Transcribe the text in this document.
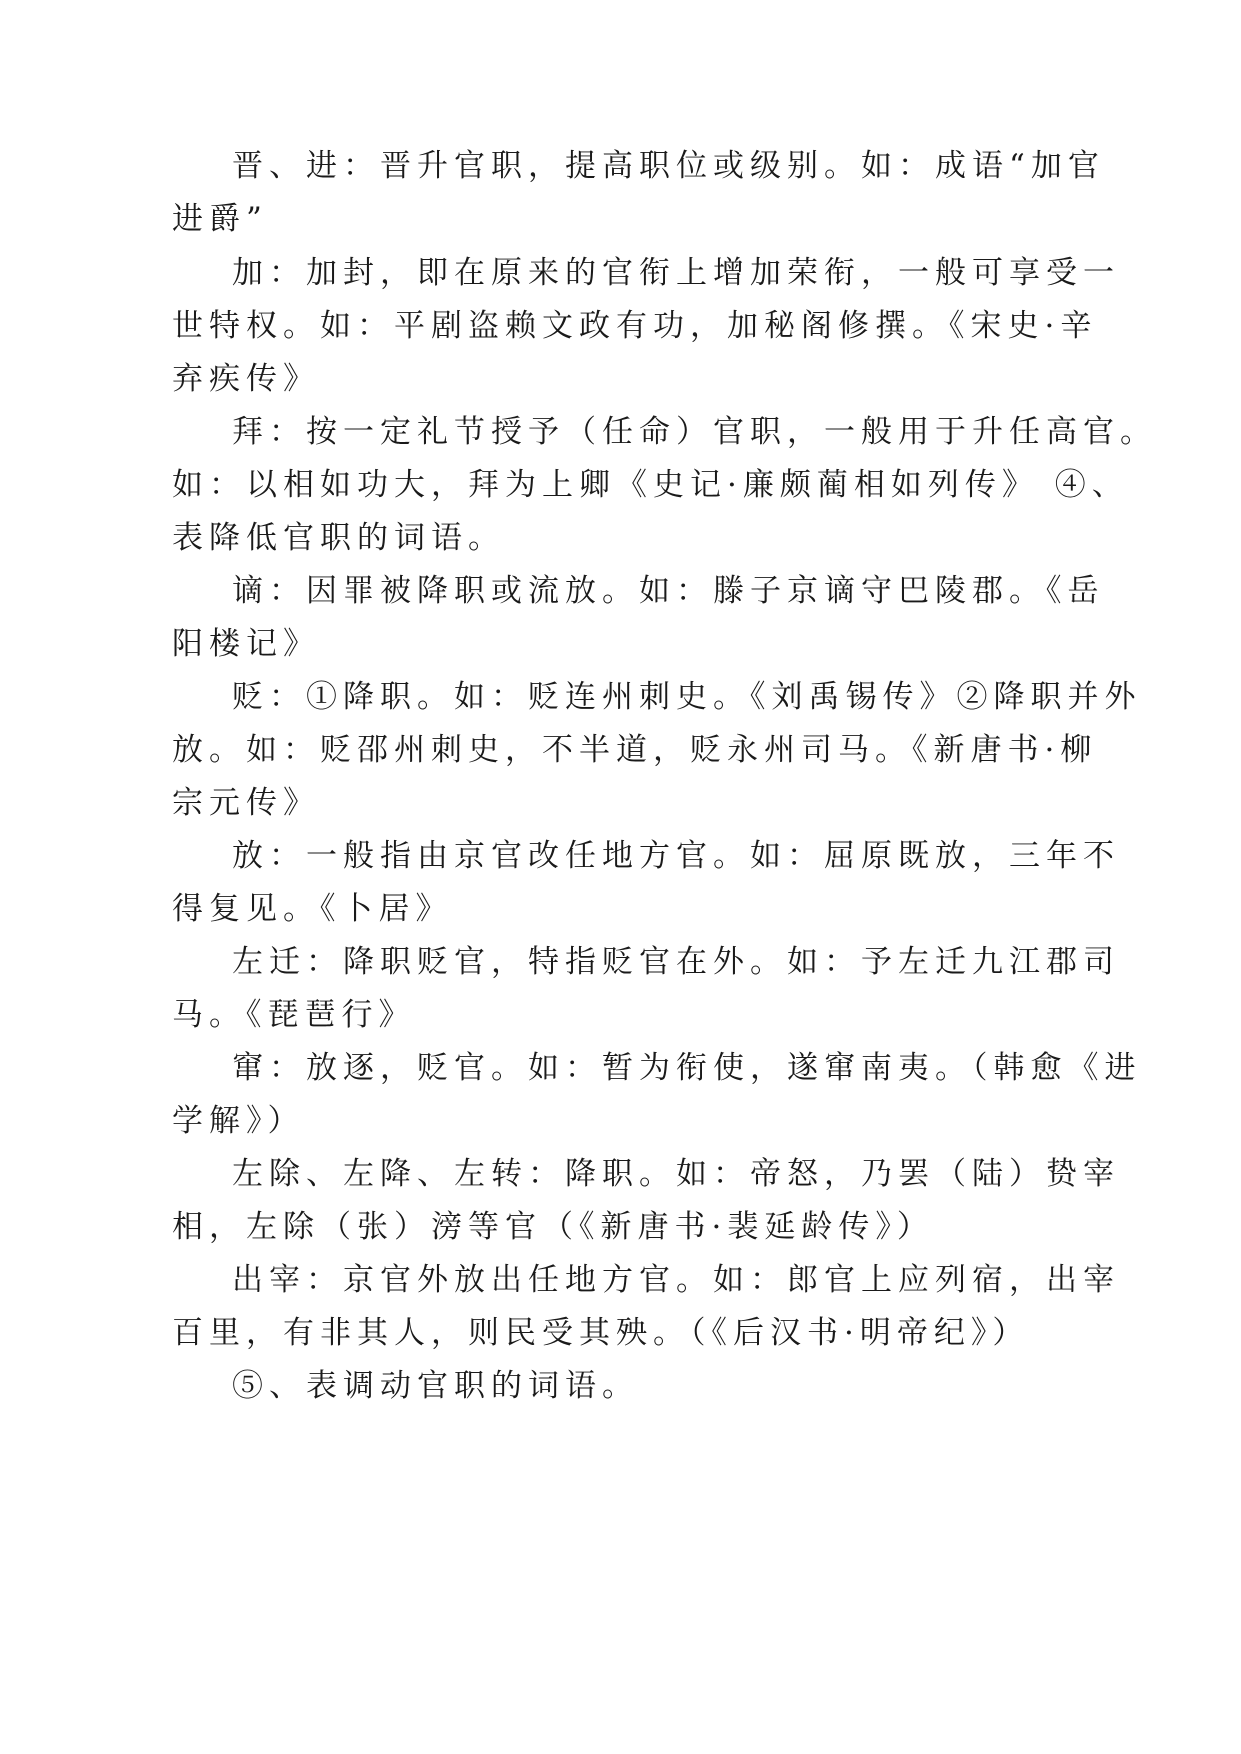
晋、进：晋升官职，提高职位或级别。如：成语“加官
进爵”
加：加封，即在原来的官衔上增加荣衔，一般可享受一
世特权。如：平剧盗赖文政有功，加秘阁修撰。《宋史·辛
弃疾传》
拜：按一定礼节授予（任命）官职，一般用于升任高官。
如：以相如功大，拜为上卿《史记·廉颇蔺相如列传》 ④、
表降低官职的词语。
谪：因罪被降职或流放。如：滕子京谪守巴陵郡。《岳
阳楼记》
贬：①降职。如：贬连州刺史。《刘禹锡传》②降职并外
放。如：贬邵州刺史，不半道，贬永州司马。《新唐书·柳
宗元传》
放：一般指由京官改任地方官。如：屈原既放，三年不
得复见。《卜居》
左迁：降职贬官，特指贬官在外。如：予左迁九江郡司
马。《琵琶行》
窜：放逐，贬官。如：暂为衔使，遂窜南夷。（韩愈《进
学解》）
左除、左降、左转：降职。如：帝怒，乃罢（陆）贽宰
相，左除（张）滂等官（《新唐书·裴延龄传》）
出宰：京官外放出任地方官。如：郎官上应列宿，出宰
百里，有非其人，则民受其殃。（《后汉书·明帝纪》）
⑤、表调动官职的词语。
